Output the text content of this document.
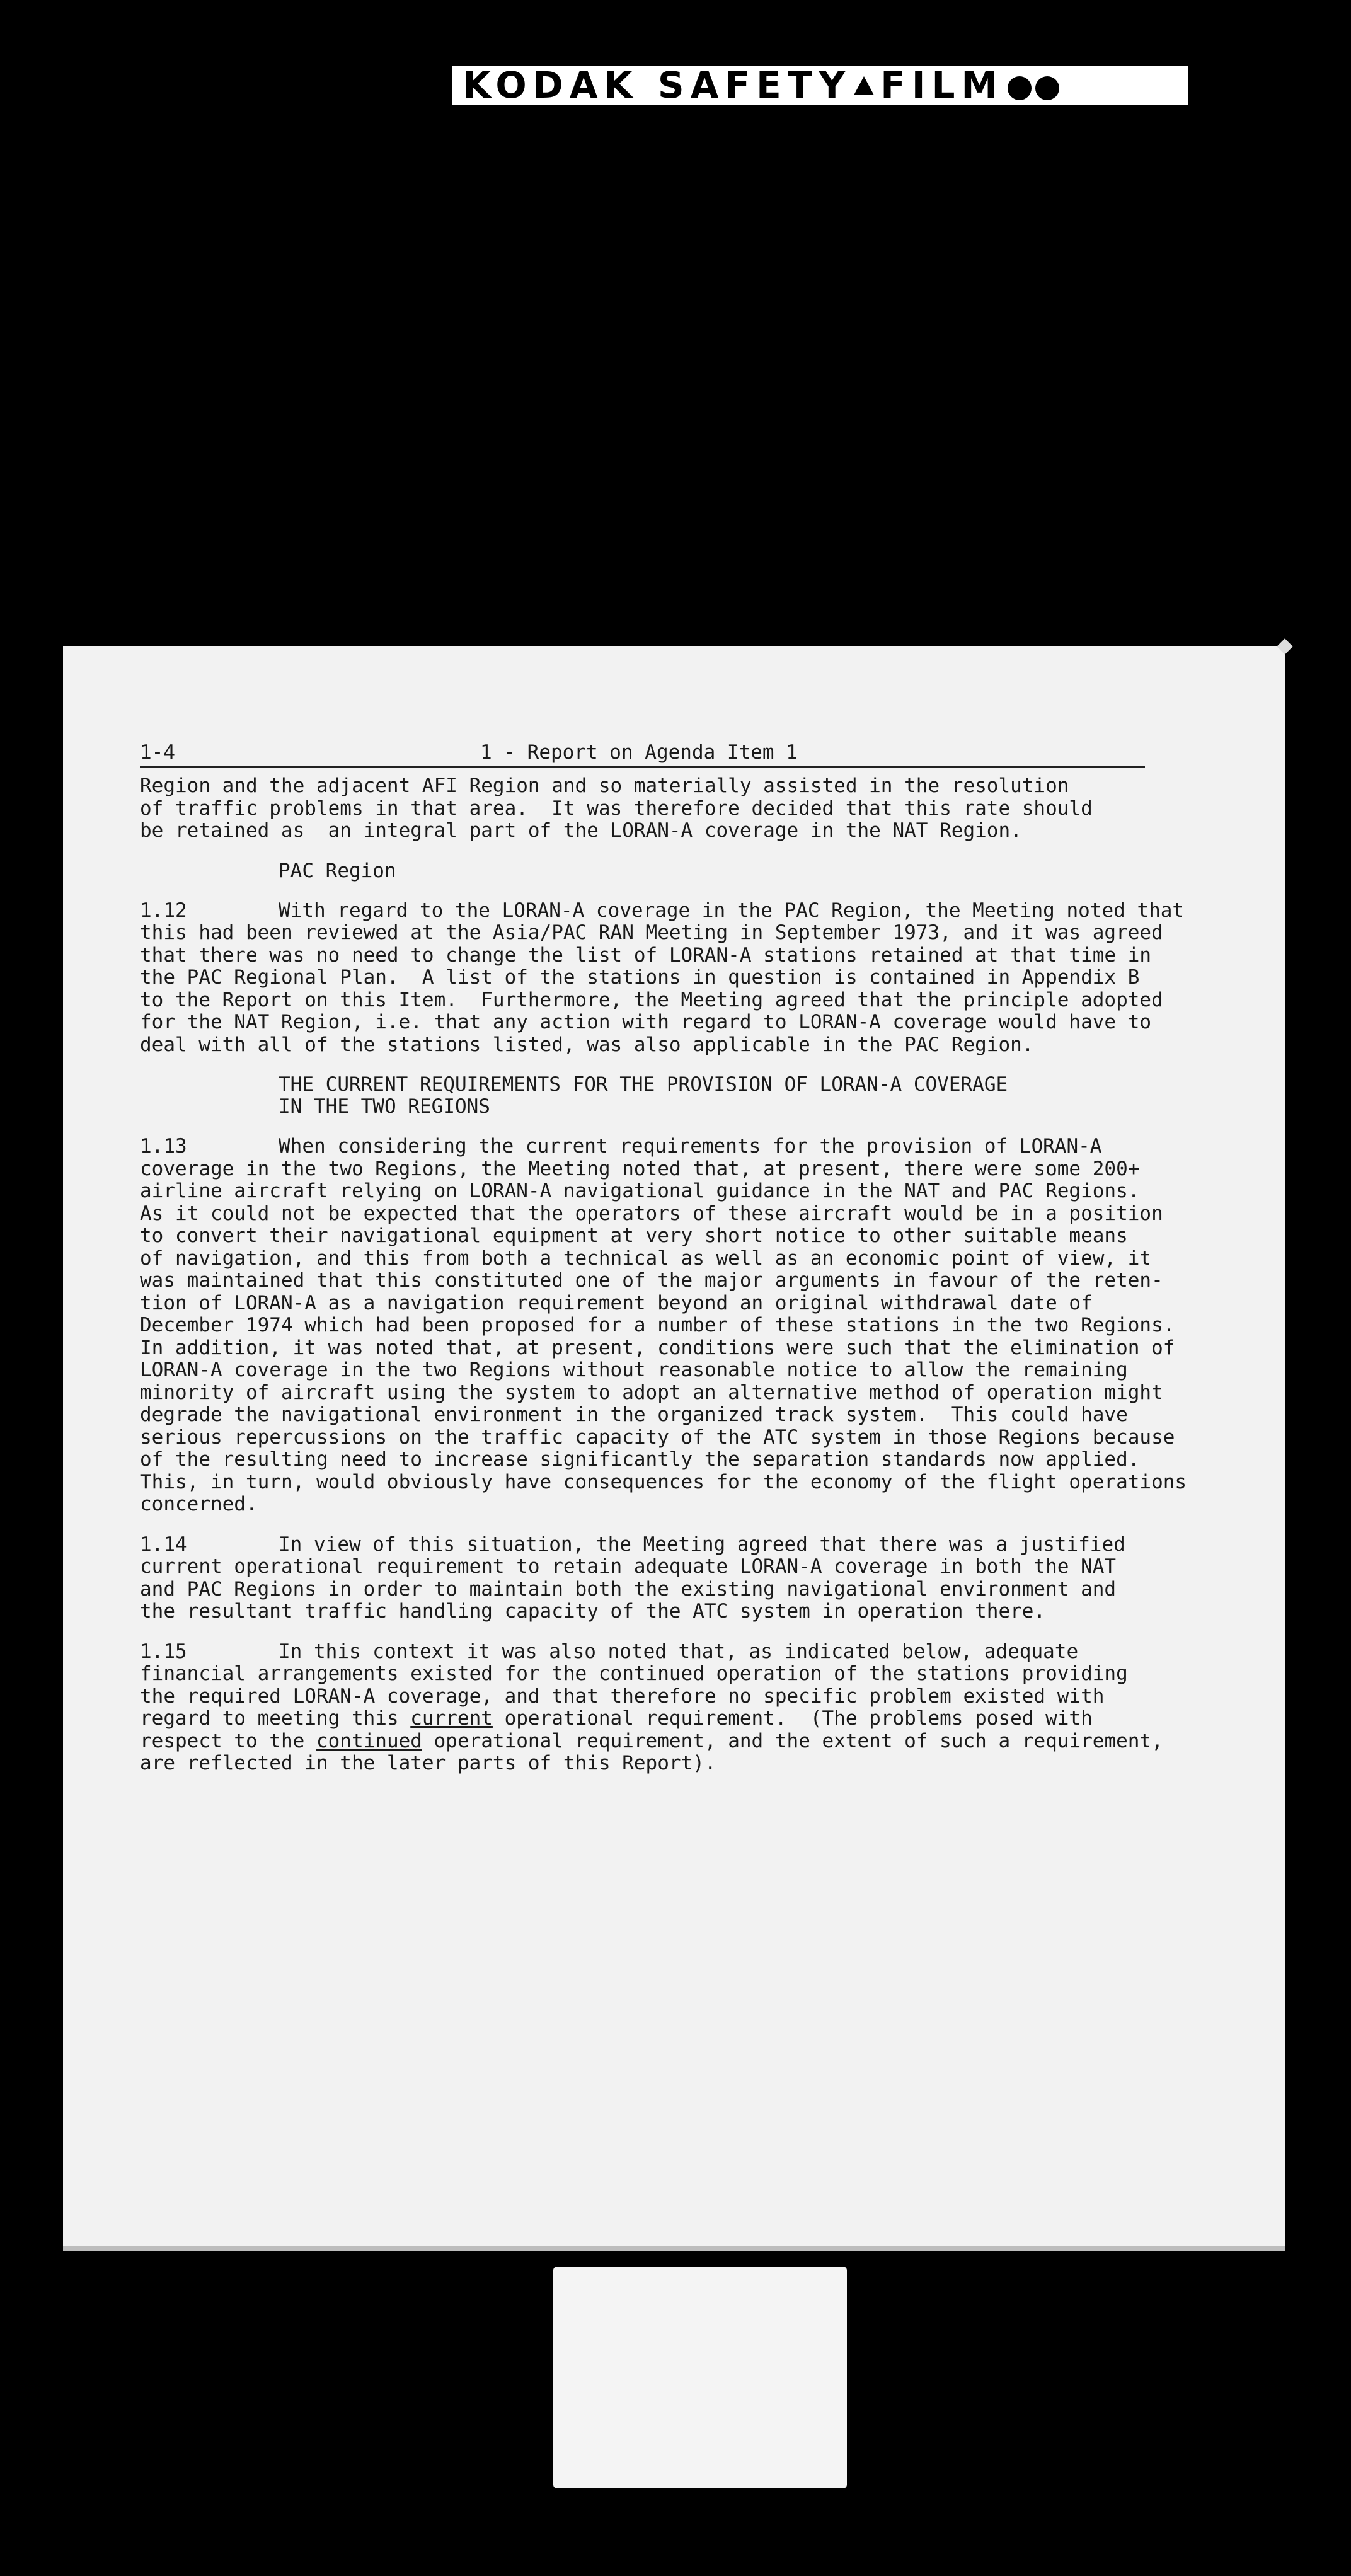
KODAK SAFETY FILM
1-4	1 - Report on Agenda Item 1
Region and the adjacent AFI Region and so materially assisted in the resolution
of traffic problems in that area.  It was therefore decided that this rate should
be retained as  an integral part of the LORAN-A coverage in the NAT Region.
PAC Region
1.12	With regard to the LORAN-A coverage in the PAC Region, the Meeting noted that
this had been reviewed at the Asia/PAC RAN Meeting in September 1973, and it was agreed
that there was no need to change the list of LORAN-A stations retained at that time in
the PAC Regional Plan.  A list of the stations in question is contained in Appendix B
to the Report on this Item.  Furthermore, the Meeting agreed that the principle adopted
for the NAT Region, i.e. that any action with regard to LORAN-A coverage would have to
deal with all of the stations listed, was also applicable in the PAC Region.
THE CURRENT REQUIREMENTS FOR THE PROVISION OF LORAN-A COVERAGE
IN THE TWO REGIONS
1.13	When considering the current requirements for the provision of LORAN-A
coverage in the two Regions, the Meeting noted that, at present, there were some 200+
airline aircraft relying on LORAN-A navigational guidance in the NAT and PAC Regions.
As it could not be expected that the operators of these aircraft would be in a position
to convert their navigational equipment at very short notice to other suitable means
of navigation, and this from both a technical as well as an economic point of view, it
was maintained that this constituted one of the major arguments in favour of the reten-
tion of LORAN-A as a navigation requirement beyond an original withdrawal date of
December 1974 which had been proposed for a number of these stations in the two Regions.
In addition, it was noted that, at present, conditions were such that the elimination of
LORAN-A coverage in the two Regions without reasonable notice to allow the remaining
minority of aircraft using the system to adopt an alternative method of operation might
degrade the navigational environment in the organized track system.  This could have
serious repercussions on the traffic capacity of the ATC system in those Regions because
of the resulting need to increase significantly the separation standards now applied.
This, in turn, would obviously have consequences for the economy of the flight operations
concerned.
1.14	In view of this situation, the Meeting agreed that there was a justified
current operational requirement to retain adequate LORAN-A coverage in both the NAT
and PAC Regions in order to maintain both the existing navigational environment and
the resultant traffic handling capacity of the ATC system in operation there.
1.15	In this context it was also noted that, as indicated below, adequate
financial arrangements existed for the continued operation of the stations providing
the required LORAN-A coverage, and that therefore no specific problem existed with
regard to meeting this current operational requirement.  (The problems posed with
respect to the continued operational requirement, and the extent of such a requirement,
are reflected in the later parts of this Report).
